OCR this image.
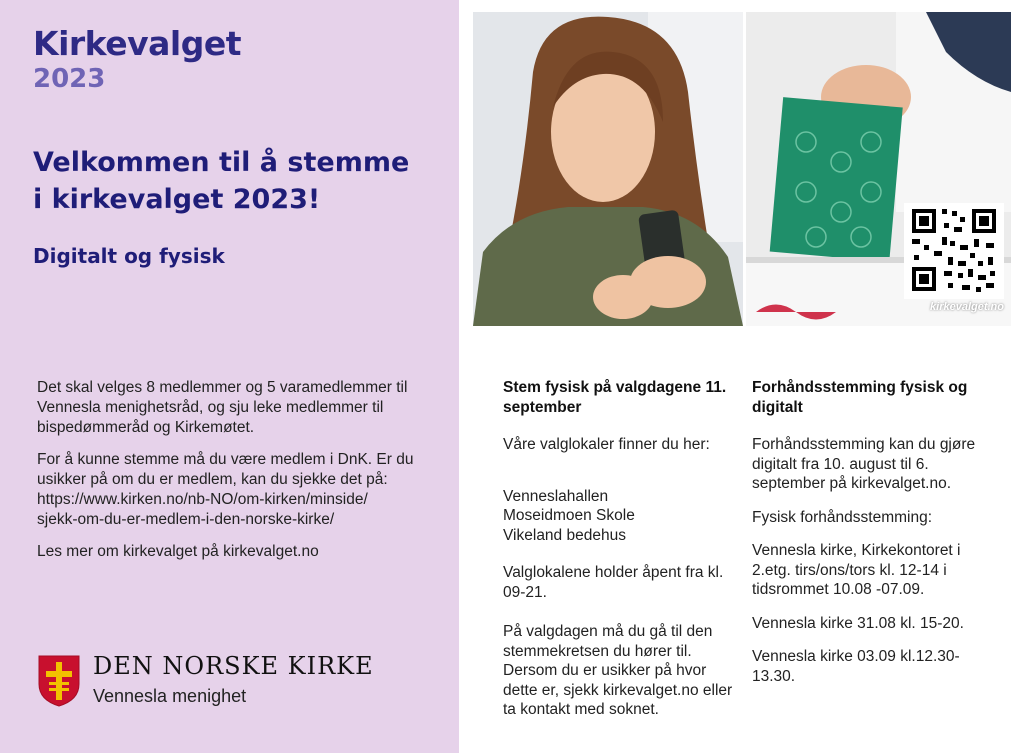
Kirkevalget
2023
Velkommen til å stemme
i kirkevalget 2023!
Digitalt og fysisk

Det skal velges 8 medlemmer og 5 varamedlemmer til Vennesla menighetsråd, og sju leke medlemmer til bispedømmeråd og Kirkemøtet.

For å kunne stemme må du være medlem i DnK. Er du usikker på om du er medlem, kan du sjekke det på:
https://www.kirken.no/nb-NO/om-kirken/minside/
sjekk-om-du-er-medlem-i-den-norske-kirke/

Les mer om kirkevalget på kirkevalget.no

DEN NORSKE KIRKE
Vennesla menighet
kirkevalget.no
Stem fysisk på valgdagene 11. september

Våre valglokaler finner du her:

Venneslahallen
Moseidmoen Skole
Vikeland bedehus

Valglokalene holder åpent fra kl. 09-21.

På valgdagen må du gå til den stemmekretsen du hører til. Dersom du er usikker på hvor dette er, sjekk kirkevalget.no eller ta kontakt med soknet.

Forhåndsstemming fysisk og digitalt

Forhåndsstemming kan du gjøre digitalt fra 10. august til 6. september på kirkevalget.no.

Fysisk forhåndsstemming:

Vennesla kirke, Kirkekontoret i 2.etg. tirs/ons/tors kl. 12-14 i tidsrommet 10.08 -07.09.

Vennesla kirke 31.08 kl. 15-20.

Vennesla kirke 03.09 kl.12.30-13.30.
